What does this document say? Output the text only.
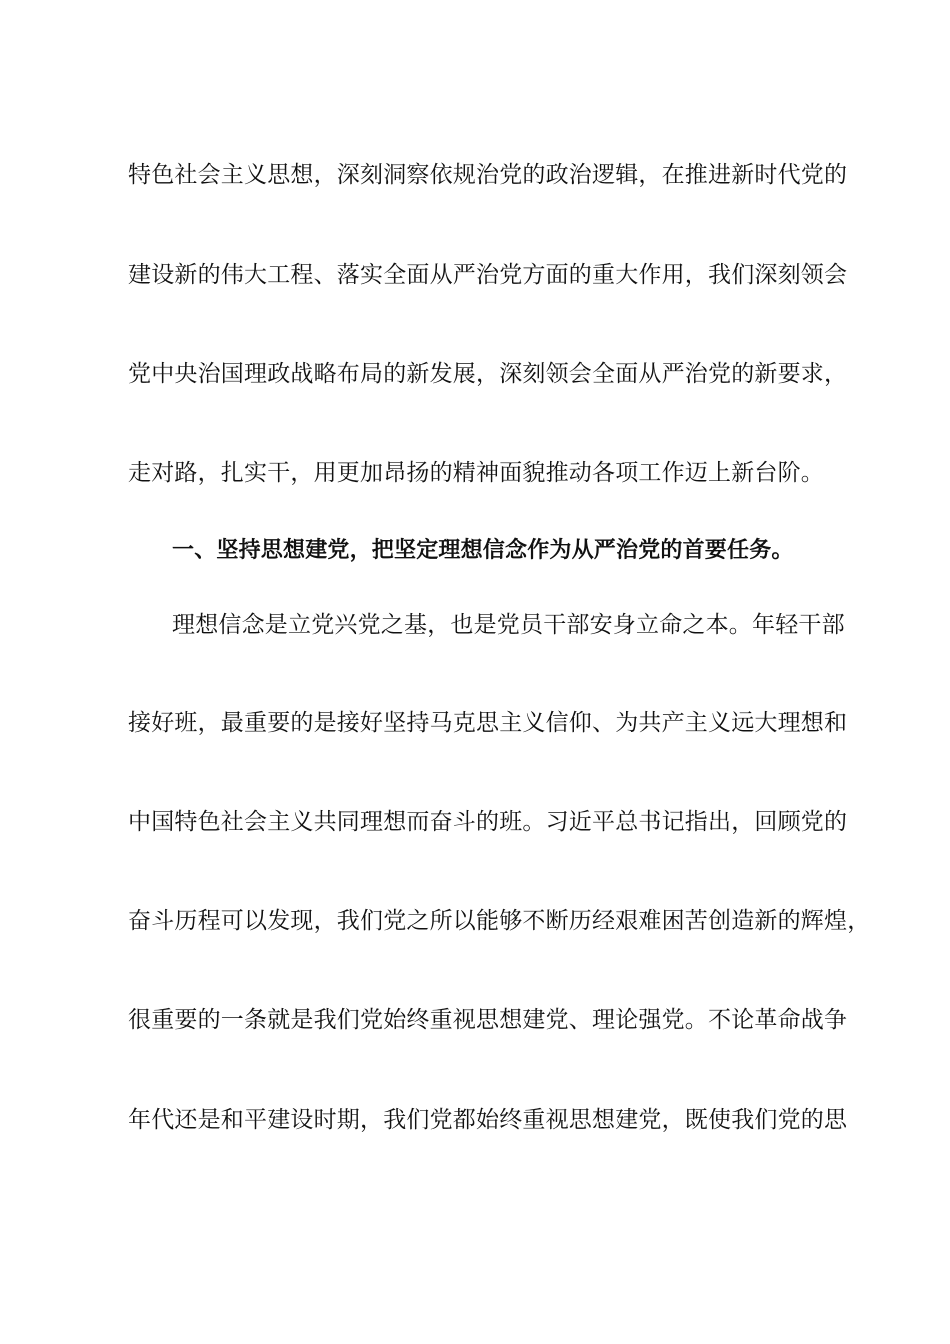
特色社会主义思想，深刻洞察依规治党的政治逻辑，在推进新时代党的
建设新的伟大工程、落实全面从严治党方面的重大作用，我们深刻领会
党中央治国理政战略布局的新发展，深刻领会全面从严治党的新要求，
走对路，扎实干，用更加昂扬的精神面貌推动各项工作迈上新台阶。
一、坚持思想建党，把坚定理想信念作为从严治党的首要任务。
理想信念是立党兴党之基，也是党员干部安身立命之本。年轻干部
接好班，最重要的是接好坚持马克思主义信仰、为共产主义远大理想和
中国特色社会主义共同理想而奋斗的班。习近平总书记指出，回顾党的
奋斗历程可以发现，我们党之所以能够不断历经艰难困苦创造新的辉煌，
很重要的一条就是我们党始终重视思想建党、理论强党。不论革命战争
年代还是和平建设时期，我们党都始终重视思想建党，既使我们党的思
